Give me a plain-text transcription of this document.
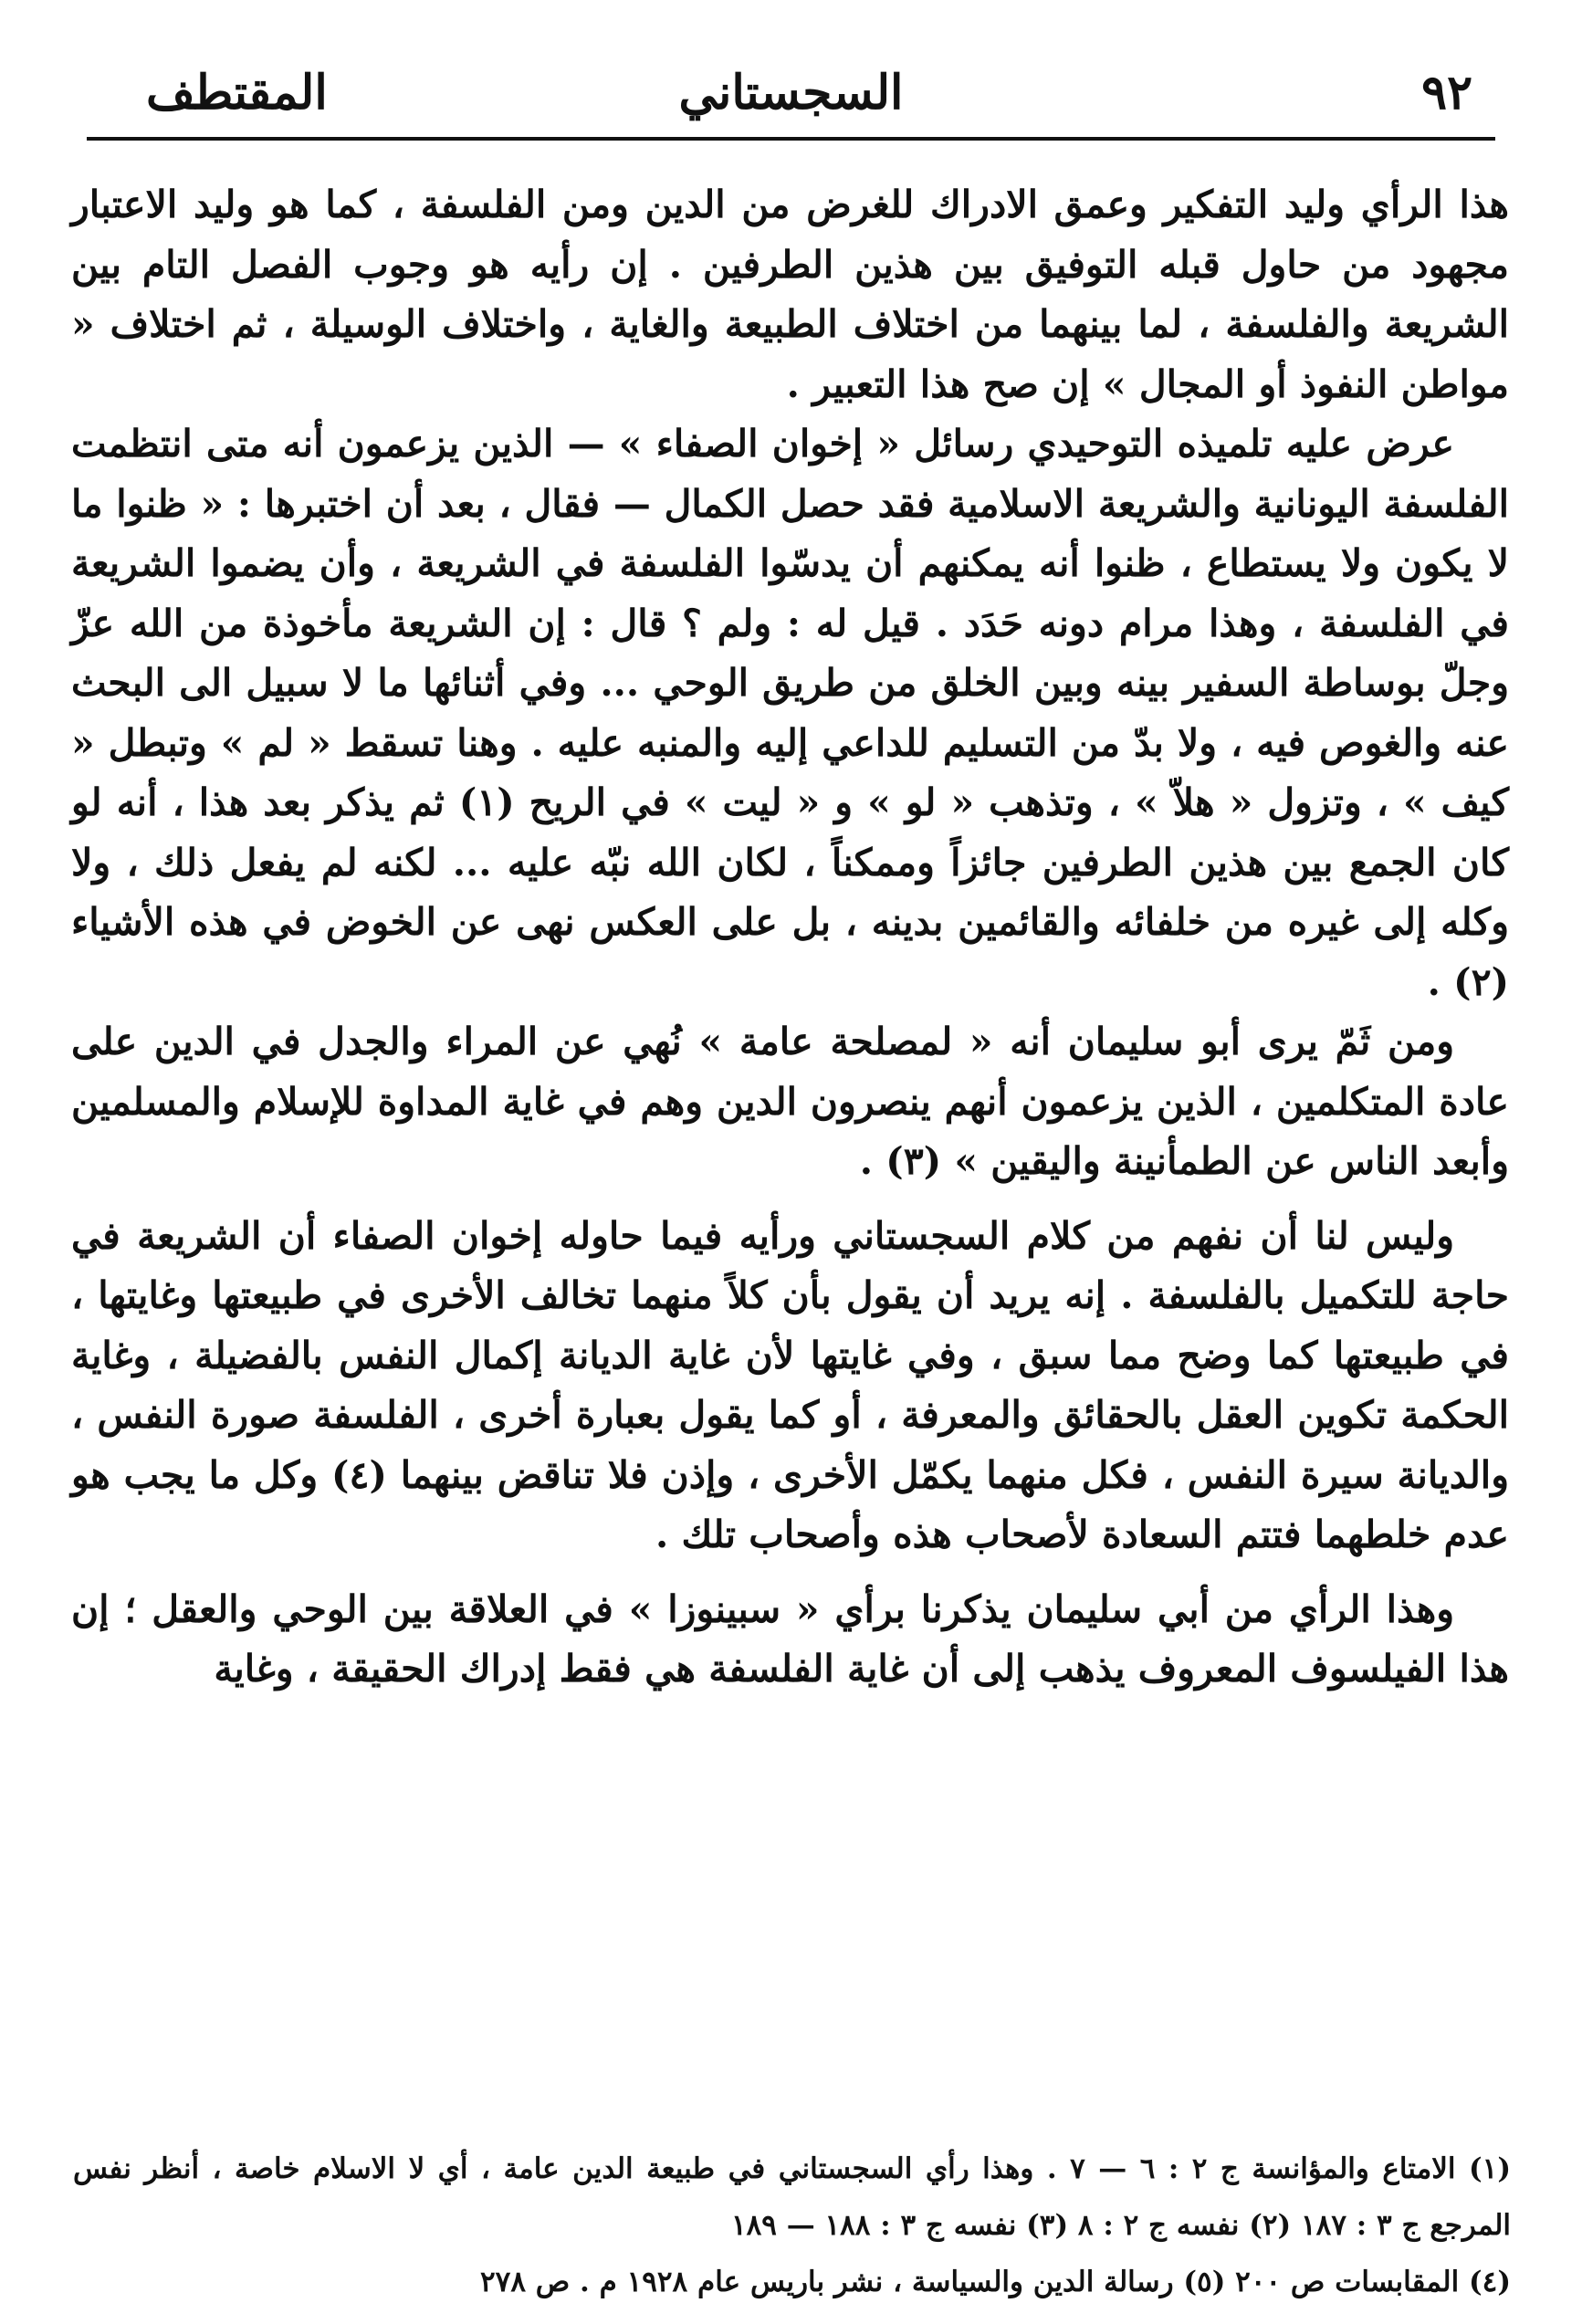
المقتطف	السجستاني	٩٢

هذا الرأي وليد التفكير وعمق الادراك للغرض من الدين ومن الفلسفة ، كما هو وليد الاعتبار مجهود من حاول قبله التوفيق بين هذين الطرفين . إن رأيه هو وجوب الفصل التام بين الشريعة والفلسفة ، لما بينهما من اختلاف الطبيعة والغاية ، واختلاف الوسيلة ، ثم اختلاف « مواطن النفوذ أو المجال » إن صح هذا التعبير .

عرض عليه تلميذه التوحيدي رسائل « إخوان الصفاء » — الذين يزعمون أنه متى انتظمت الفلسفة اليونانية والشريعة الاسلامية فقد حصل الكمال — فقال ، بعد أن اختبرها : « ظنوا ما لا يكون ولا يستطاع ، ظنوا أنه يمكنهم أن يدسّوا الفلسفة في الشريعة ، وأن يضموا الشريعة في الفلسفة ، وهذا مرام دونه حَدَد . قيل له : ولم ؟ قال : إن الشريعة مأخوذة من الله عزّ وجلّ بوساطة السفير بينه وبين الخلق من طريق الوحي ... وفي أثنائها ما لا سبيل الى البحث عنه والغوص فيه ، ولا بدّ من التسليم للداعي إليه والمنبه عليه . وهنا تسقط « لم » وتبطل « كيف » ، وتزول « هلاّ » ، وتذهب « لو » و « ليت » في الريح (١) ثم يذكر بعد هذا ، أنه لو كان الجمع بين هذين الطرفين جائزاً وممكناً ، لكان الله نبّه عليه ... لكنه لم يفعل ذلك ، ولا وكله إلى غيره من خلفائه والقائمين بدينه ، بل على العكس نهى عن الخوض في هذه الأشياء (٢) .

ومن ثَمّ يرى أبو سليمان أنه « لمصلحة عامة » نُهي عن المراء والجدل في الدين على عادة المتكلمين ، الذين يزعمون أنهم ينصرون الدين وهم في غاية المداوة للإسلام والمسلمين وأبعد الناس عن الطمأنينة واليقين » (٣) .

وليس لنا أن نفهم من كلام السجستاني ورأيه فيما حاوله إخوان الصفاء أن الشريعة في حاجة للتكميل بالفلسفة . إنه يريد أن يقول بأن كلاً منهما تخالف الأخرى في طبيعتها وغايتها ، في طبيعتها كما وضح مما سبق ، وفي غايتها لأن غاية الديانة إكمال النفس بالفضيلة ، وغاية الحكمة تكوين العقل بالحقائق والمعرفة ، أو كما يقول بعبارة أخرى ، الفلسفة صورة النفس ، والديانة سيرة النفس ، فكل منهما يكمّل الأخرى ، وإذن فلا تناقض بينهما (٤) وكل ما يجب هو عدم خلطهما فتتم السعادة لأصحاب هذه وأصحاب تلك .

وهذا الرأي من أبي سليمان يذكرنا برأي « سبينوزا » في العلاقة بين الوحي والعقل ؛ إن هذا الفيلسوف المعروف يذهب إلى أن غاية الفلسفة هي فقط إدراك الحقيقة ، وغاية

(١) الامتاع والمؤانسة ج ٢ : ٦ — ٧ . وهذا رأي السجستاني في طبيعة الدين عامة ، أي لا الاسلام خاصة ، أنظر نفس المرجع ج ٣ : ١٨٧ (٢) نفسه ج ٢ : ٨ (٣) نفسه ج ٣ : ١٨٨ — ١٨٩

(٤) المقابسات ص ٢٠٠ (٥) رسالة الدين والسياسة ، نشر باريس عام ١٩٢٨ م . ص ٢٧٨
